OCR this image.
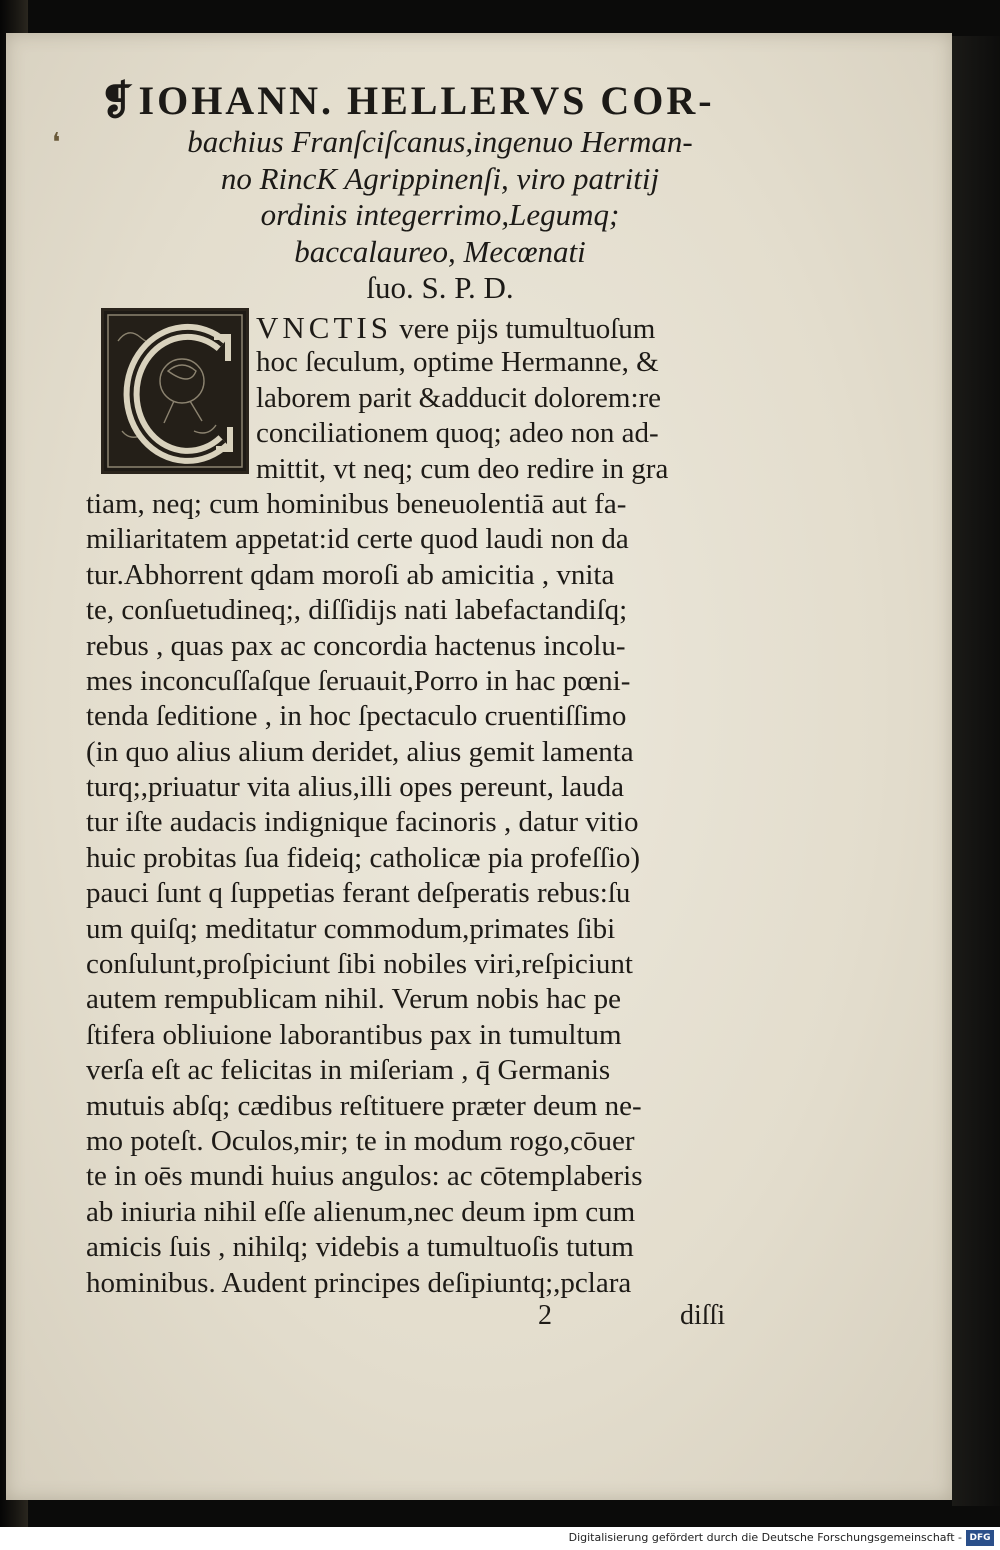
❛
❡IOHANN. HELLERVS COR-
bachius Franſciſcanus,ingenuo Herman-
no RincK Agrippinenſi, viro patritij
ordinis integerrimo,Legumq;
baccalaureo, Mecœnati
ſuo. S. P. D.
VNCTIS vere pijs tumultuoſum
hoc ſeculum, optime Hermanne, &
laborem parit &adducit dolorem:re
conciliationem quoq; adeo non ad-
mittit, vt neq; cum deo redire in gra
tiam, neq; cum hominibus beneuolentiā aut fa-
miliaritatem appetat:id certe quod laudi non da
tur.Abhorrent qdam moroſi ab amicitia , vnita
te, conſuetudineq;, diſſidijs nati labefactandiſq;
rebus , quas pax ac concordia hactenus incolu-
mes inconcuſſaſque ſeruauit,Porro in hac pœni-
tenda ſeditione , in hoc ſpectaculo cruentiſſimo
(in quo alius alium deridet, alius gemit lamenta
turq;,priuatur vita alius,illi opes pereunt, lauda
tur iſte audacis indignique facinoris , datur vitio
huic probitas ſua fideiq; catholicæ pia profeſſio)
pauci ſunt q ſuppetias ferant deſperatis rebus:ſu
um quiſq; meditatur commodum,primates ſibi
conſulunt,proſpiciunt ſibi nobiles viri,reſpiciunt
autem rempublicam nihil. Verum nobis hac pe
ſtifera obliuione laborantibus pax in tumultum
verſa eſt ac felicitas in miſeriam , q̄ Germanis
mutuis abſq; cædibus reſtituere præter deum ne-
mo poteſt. Oculos,mir; te in modum rogo,cōuer
te in oēs mundi huius angulos: ac cōtemplaberis
ab iniuria nihil eſſe alienum,nec deum ipm cum
amicis ſuis , nihilq; videbis a tumultuoſis tutum
hominibus. Audent principes deſipiuntq;,pclara
2	diſſi
Digitalisierung gefördert durch die Deutsche Forschungsgemeinschaft - DFG
